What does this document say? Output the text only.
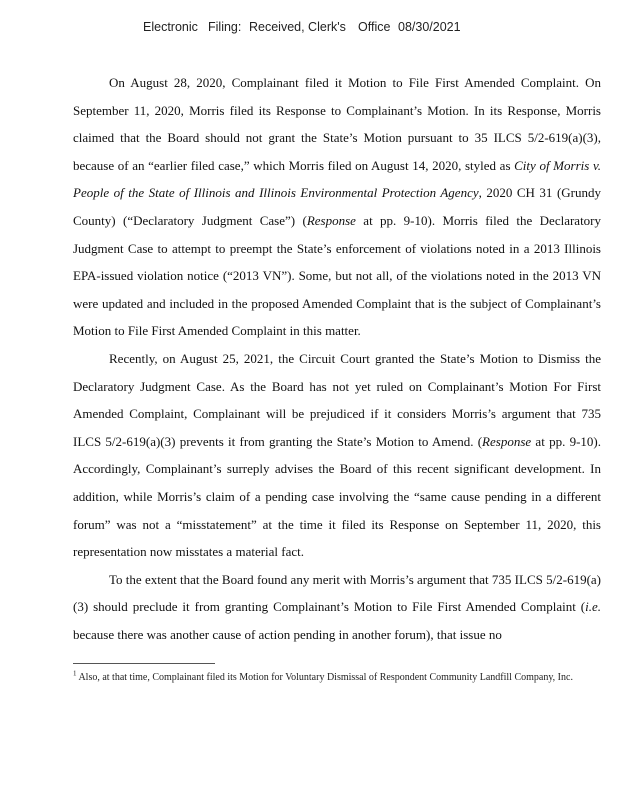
Electronic Filing: Received, Clerk's Office 08/30/2021

On August 28, 2020, Complainant filed it Motion to File First Amended Complaint. On September 11, 2020, Morris filed its Response to Complainant’s Motion. In its Response, Morris claimed that the Board should not grant the State’s Motion pursuant to 35 ILCS 5/2-619(a)(3), because of an “earlier filed case,” which Morris filed on August 14, 2020, styled as City of Morris v. People of the State of Illinois and Illinois Environmental Protection Agency, 2020 CH 31 (Grundy County) (“Declaratory Judgment Case”) (Response at pp. 9-10). Morris filed the Declaratory Judgment Case to attempt to preempt the State’s enforcement of violations noted in a 2013 Illinois EPA-issued violation notice (“2013 VN”). Some, but not all, of the violations noted in the 2013 VN were updated and included in the proposed Amended Complaint that is the subject of Complainant’s Motion to File First Amended Complaint in this matter.

Recently, on August 25, 2021, the Circuit Court granted the State’s Motion to Dismiss the Declaratory Judgment Case. As the Board has not yet ruled on Complainant’s Motion For First Amended Complaint, Complainant will be prejudiced if it considers Morris’s argument that 735 ILCS 5/2-619(a)(3) prevents it from granting the State’s Motion to Amend. (Response at pp. 9-10). Accordingly, Complainant’s surreply advises the Board of this recent significant development. In addition, while Morris’s claim of a pending case involving the “same cause pending in a different forum” was not a “misstatement” at the time it filed its Response on September 11, 2020, this representation now misstates a material fact.

To the extent that the Board found any merit with Morris’s argument that 735 ILCS 5/2-619(a)(3) should preclude it from granting Complainant’s Motion to File First Amended Complaint (i.e. because there was another cause of action pending in another forum), that issue no

$^1$ Also, at that time, Complainant filed its Motion for Voluntary Dismissal of Respondent Community Landfill Company, Inc.
